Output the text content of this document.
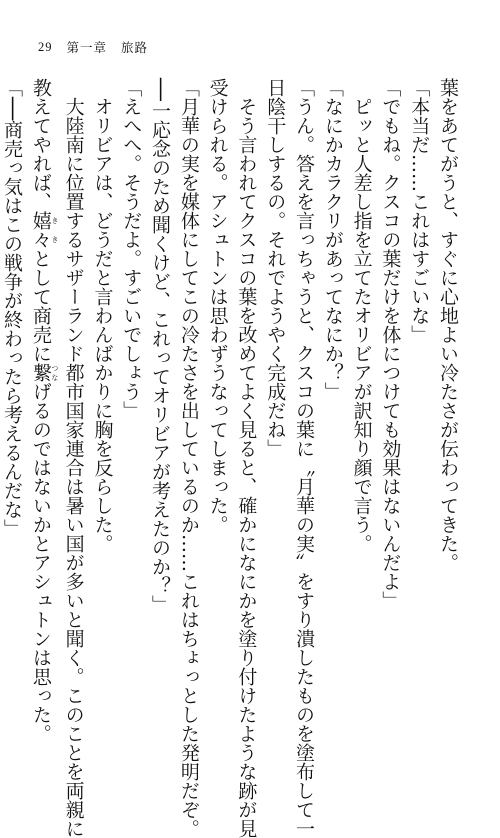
29 第一章 旅路
葉をあてがうと、すぐに心地よい冷たさが伝わってきた。
「本当だ……これはすごいな」
「でもね。クスコの葉だけを体につけても効果はないんだよ」
　ピッと人差し指を立てたオリビアが訳知り顔で言う。
「なにかカラクリがあってなにか？」
「うん。答えを言っちゃうと、クスコの葉に〝月華の実〟をすり潰したものを塗布して一
日陰干しするの。それでようやく完成だね」
　そう言われてクスコの葉を改めてよく見ると、確かになにかを塗り付けたような跡が見
受けられる。アシュトンは思わずうなってしまった。
「月華の実を媒体にしてこの冷たさを出しているのか……これはちょっとした発明だぞ。
──一応念のため聞くけど、これってオリビアが考えたのか？」
「えへへ。そうだよ。すごいでしょう」
　オリビアは、どうだと言わんばかりに胸を反らした。
　大陸南に位置するサザーランド都市国家連合は暑い国が多いと聞く。このことを両親に
教えてやれば、嬉々 ききとして商売に繋 つなげるのではないかとアシュトンは思った。
「──商売っ気はこの戦争が終わったら考えるんだな」
